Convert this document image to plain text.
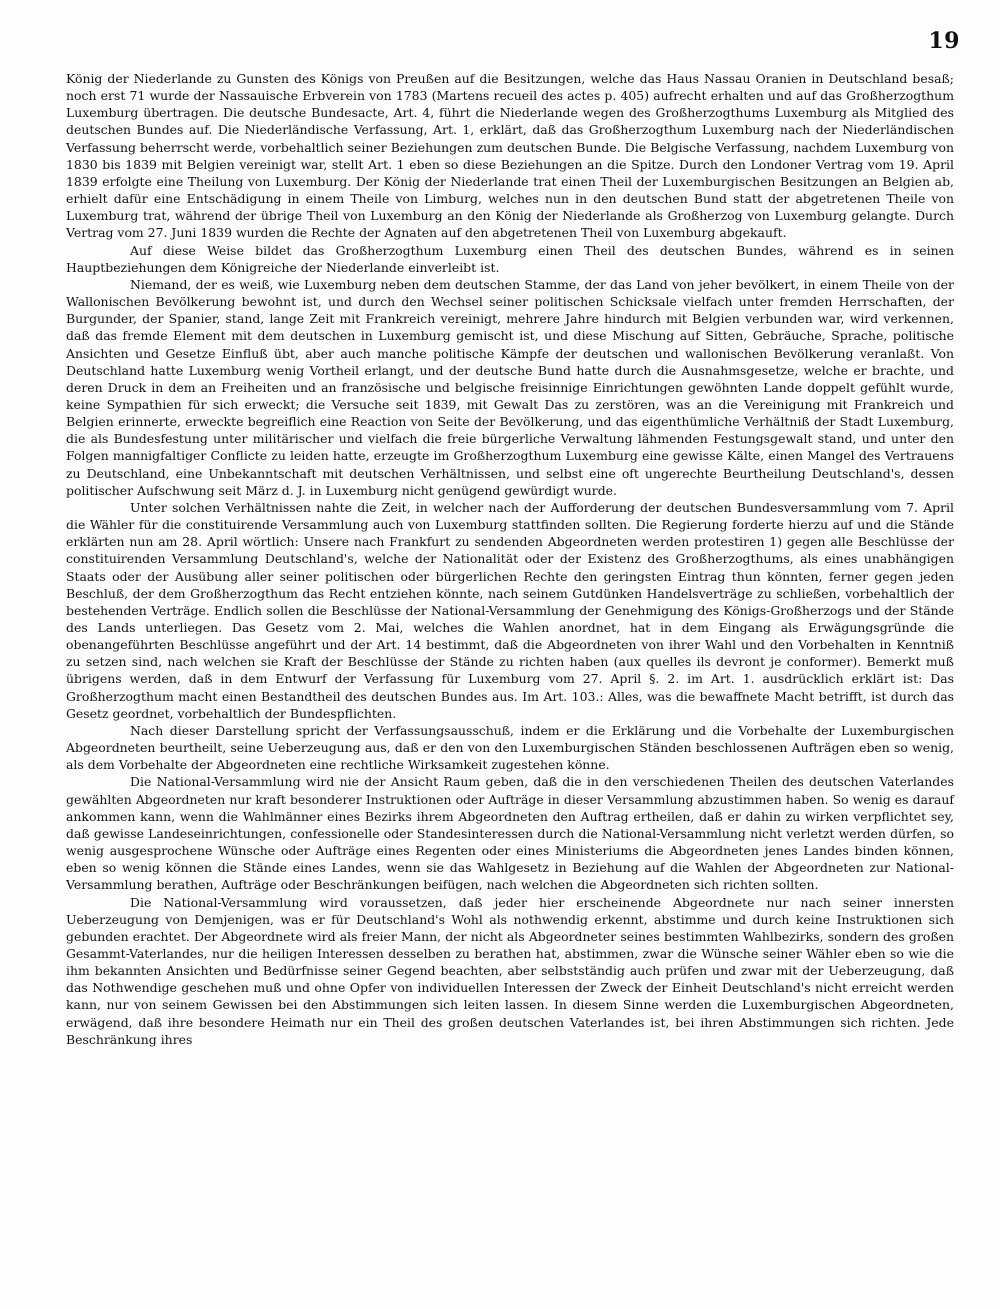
19

König der Niederlande zu Gunsten des Königs von Preußen auf die Besitzungen, welche das Haus Nassau Oranien in Deutschland besaß; noch erst 71 wurde der Nassauische Erbverein von 1783 (Martens recueil des actes p. 405) aufrecht erhalten und auf das Großherzogthum Luxemburg übertragen. Die deutsche Bundesacte, Art. 4, führt die Niederlande wegen des Großherzogthums Luxemburg als Mitglied des deutschen Bundes auf. Die Niederländische Verfassung, Art. 1, erklärt, daß das Großherzogthum Luxemburg nach der Niederländischen Verfassung beherrscht werde, vorbehaltlich seiner Beziehungen zum deutschen Bunde. Die Belgische Verfassung, nachdem Luxemburg von 1830 bis 1839 mit Belgien vereinigt war, stellt Art. 1 eben so diese Beziehungen an die Spitze. Durch den Londoner Vertrag vom 19. April 1839 erfolgte eine Theilung von Luxemburg. Der König der Niederlande trat einen Theil der Luxemburgischen Besitzungen an Belgien ab, erhielt dafür eine Entschädigung in einem Theile von Limburg, welches nun in den deutschen Bund statt der abgetretenen Theile von Luxemburg trat, während der übrige Theil von Luxemburg an den König der Niederlande als Großherzog von Luxemburg gelangte. Durch Vertrag vom 27. Juni 1839 wurden die Rechte der Agnaten auf den abgetretenen Theil von Luxemburg abgekauft.

Auf diese Weise bildet das Großherzogthum Luxemburg einen Theil des deutschen Bundes, während es in seinen Hauptbeziehungen dem Königreiche der Niederlande einverleibt ist.

Niemand, der es weiß, wie Luxemburg neben dem deutschen Stamme, der das Land von jeher bevölkert, in einem Theile von der Wallonischen Bevölkerung bewohnt ist, und durch den Wechsel seiner politischen Schicksale vielfach unter fremden Herrschaften, der Burgunder, der Spanier, stand, lange Zeit mit Frankreich vereinigt, mehrere Jahre hindurch mit Belgien verbunden war, wird verkennen, daß das fremde Element mit dem deutschen in Luxemburg gemischt ist, und diese Mischung auf Sitten, Gebräuche, Sprache, politische Ansichten und Gesetze Einfluß übt, aber auch manche politische Kämpfe der deutschen und wallonischen Bevölkerung veranlaßt. Von Deutschland hatte Luxemburg wenig Vortheil erlangt, und der deutsche Bund hatte durch die Ausnahmsgesetze, welche er brachte, und deren Druck in dem an Freiheiten und an französische und belgische freisinnige Einrichtungen gewöhnten Lande doppelt gefühlt wurde, keine Sympathien für sich erweckt; die Versuche seit 1839, mit Gewalt Das zu zerstören, was an die Vereinigung mit Frankreich und Belgien erinnerte, erweckte begreiflich eine Reaction von Seite der Bevölkerung, und das eigenthümliche Verhältniß der Stadt Luxemburg, die als Bundesfestung unter militärischer und vielfach die freie bürgerliche Verwaltung lähmenden Festungsgewalt stand, und unter den Folgen mannigfaltiger Conflicte zu leiden hatte, erzeugte im Großherzogthum Luxemburg eine gewisse Kälte, einen Mangel des Vertrauens zu Deutschland, eine Unbekanntschaft mit deutschen Verhältnissen, und selbst eine oft ungerechte Beurtheilung Deutschland's, dessen politischer Aufschwung seit März d. J. in Luxemburg nicht genügend gewürdigt wurde.

Unter solchen Verhältnissen nahte die Zeit, in welcher nach der Aufforderung der deutschen Bundesversammlung vom 7. April die Wähler für die constituirende Versammlung auch von Luxemburg stattfinden sollten. Die Regierung forderte hierzu auf und die Stände erklärten nun am 28. April wörtlich: Unsere nach Frankfurt zu sendenden Abgeordneten werden protestiren 1) gegen alle Beschlüsse der constituirenden Versammlung Deutschland's, welche der Nationalität oder der Existenz des Großherzogthums, als eines unabhängigen Staats oder der Ausübung aller seiner politischen oder bürgerlichen Rechte den geringsten Eintrag thun könnten, ferner gegen jeden Beschluß, der dem Großherzogthum das Recht entziehen könnte, nach seinem Gutdünken Handelsverträge zu schließen, vorbehaltlich der bestehenden Verträge. Endlich sollen die Beschlüsse der National-Versammlung der Genehmigung des Königs-Großherzogs und der Stände des Lands unterliegen. Das Gesetz vom 2. Mai, welches die Wahlen anordnet, hat in dem Eingang als Erwägungsgründe die obenangeführten Beschlüsse angeführt und der Art. 14 bestimmt, daß die Abgeordneten von ihrer Wahl und den Vorbehalten in Kenntniß zu setzen sind, nach welchen sie Kraft der Beschlüsse der Stände zu richten haben (aux quelles ils devront je conformer). Bemerkt muß übrigens werden, daß in dem Entwurf der Verfassung für Luxemburg vom 27. April §. 2. im Art. 1. ausdrücklich erklärt ist: Das Großherzogthum macht einen Bestandtheil des deutschen Bundes aus. Im Art. 103.: Alles, was die bewaffnete Macht betrifft, ist durch das Gesetz geordnet, vorbehaltlich der Bundespflichten.

Nach dieser Darstellung spricht der Verfassungsausschuß, indem er die Erklärung und die Vorbehalte der Luxemburgischen Abgeordneten beurtheilt, seine Ueberzeugung aus, daß er den von den Luxemburgischen Ständen beschlossenen Aufträgen eben so wenig, als dem Vorbehalte der Abgeordneten eine rechtliche Wirksamkeit zugestehen könne.

Die National-Versammlung wird nie der Ansicht Raum geben, daß die in den verschiedenen Theilen des deutschen Vaterlandes gewählten Abgeordneten nur kraft besonderer Instruktionen oder Aufträge in dieser Versammlung abzustimmen haben. So wenig es darauf ankommen kann, wenn die Wahlmänner eines Bezirks ihrem Abgeordneten den Auftrag ertheilen, daß er dahin zu wirken verpflichtet sey, daß gewisse Landeseinrichtungen, confessionelle oder Standesinteressen durch die National-Versammlung nicht verletzt werden dürfen, so wenig ausgesprochene Wünsche oder Aufträge eines Regenten oder eines Ministeriums die Abgeordneten jenes Landes binden können, eben so wenig können die Stände eines Landes, wenn sie das Wahlgesetz in Beziehung auf die Wahlen der Abgeordneten zur National-Versammlung berathen, Aufträge oder Beschränkungen beifügen, nach welchen die Abgeordneten sich richten sollten.

Die National-Versammlung wird voraussetzen, daß jeder hier erscheinende Abgeordnete nur nach seiner innersten Ueberzeugung von Demjenigen, was er für Deutschland's Wohl als nothwendig erkennt, abstimme und durch keine Instruktionen sich gebunden erachtet. Der Abgeordnete wird als freier Mann, der nicht als Abgeordneter seines bestimmten Wahlbezirks, sondern des großen Gesammt-Vaterlandes, nur die heiligen Interessen desselben zu berathen hat, abstimmen, zwar die Wünsche seiner Wähler eben so wie die ihm bekannten Ansichten und Bedürfnisse seiner Gegend beachten, aber selbstständig auch prüfen und zwar mit der Ueberzeugung, daß das Nothwendige geschehen muß und ohne Opfer von individuellen Interessen der Zweck der Einheit Deutschland's nicht erreicht werden kann, nur von seinem Gewissen bei den Abstimmungen sich leiten lassen. In diesem Sinne werden die Luxemburgischen Abgeordneten, erwägend, daß ihre besondere Heimath nur ein Theil des großen deutschen Vaterlandes ist, bei ihren Abstimmungen sich richten. Jede Beschränkung ihres
